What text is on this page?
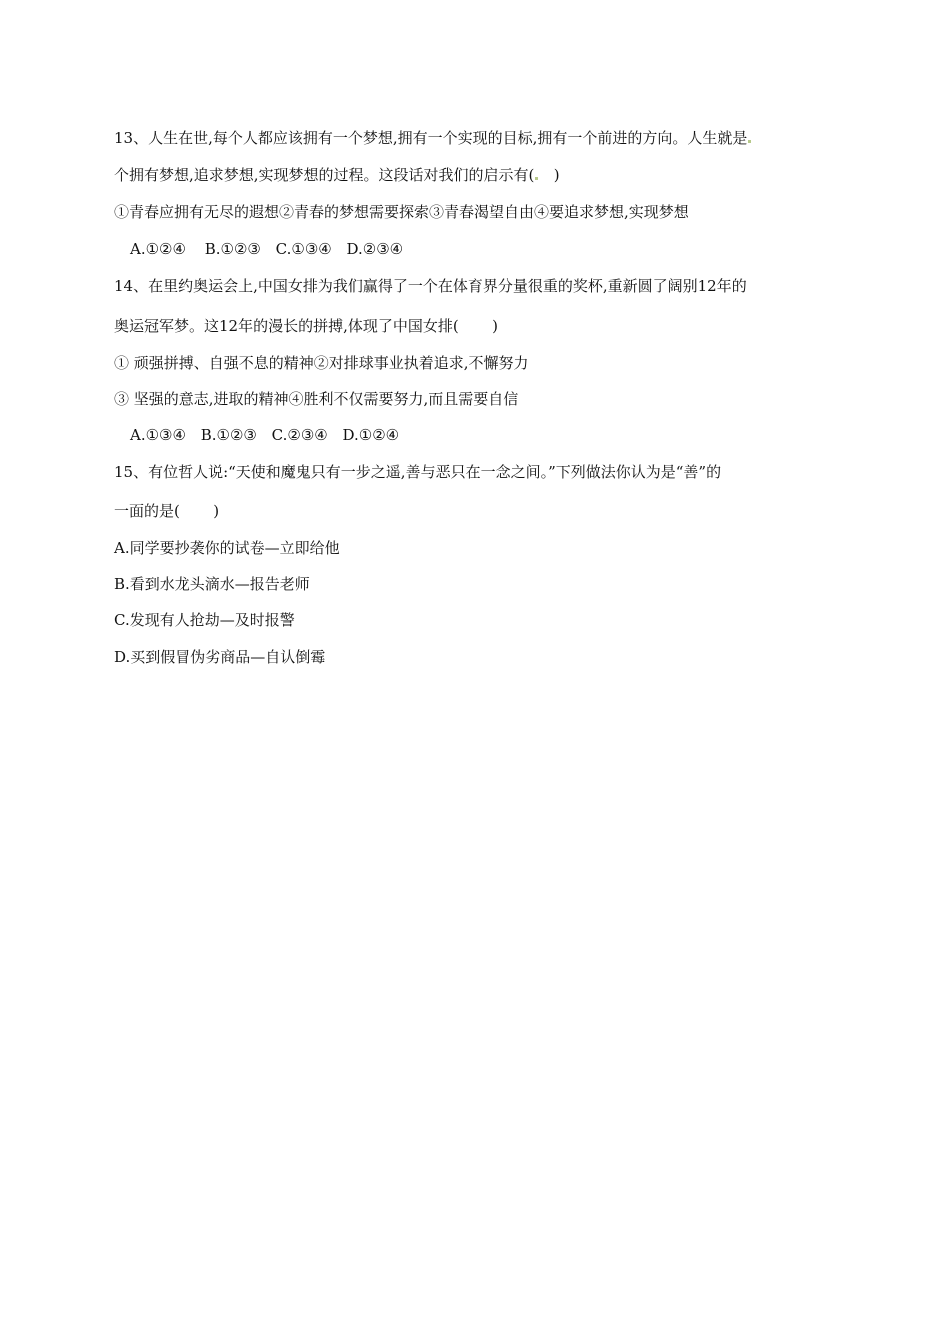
13、人生在世,每个人都应该拥有一个梦想,拥有一个实现的目标,拥有一个前进的方向。人生就是
个拥有梦想,追求梦想,实现梦想的过程。这段话对我们的启示有(   )
①青春应拥有无尽的遐想②青春的梦想需要探索③青春渴望自由④要追求梦想,实现梦想
A.①②④ B.①②③ C.①③④ D.②③④
14、在里约奥运会上,中国女排为我们赢得了一个在体育界分量很重的奖杯,重新圆了阔别12年的
奥运冠军梦。这12年的漫长的拼搏,体现了中国女排(       )
① 顽强拼搏、自强不息的精神②对排球事业执着追求,不懈努力
③ 坚强的意志,进取的精神④胜利不仅需要努力,而且需要自信
A.①③④ B.①②③ C.②③④ D.①②④
15、有位哲人说:“天使和魔鬼只有一步之遥,善与恶只在一念之间。”下列做法你认为是“善”的
一面的是(       )
A.同学要抄袭你的试卷—立即给他
B.看到水龙头滴水—报告老师
C.发现有人抢劫—及时报警
D.买到假冒伪劣商品—自认倒霉
